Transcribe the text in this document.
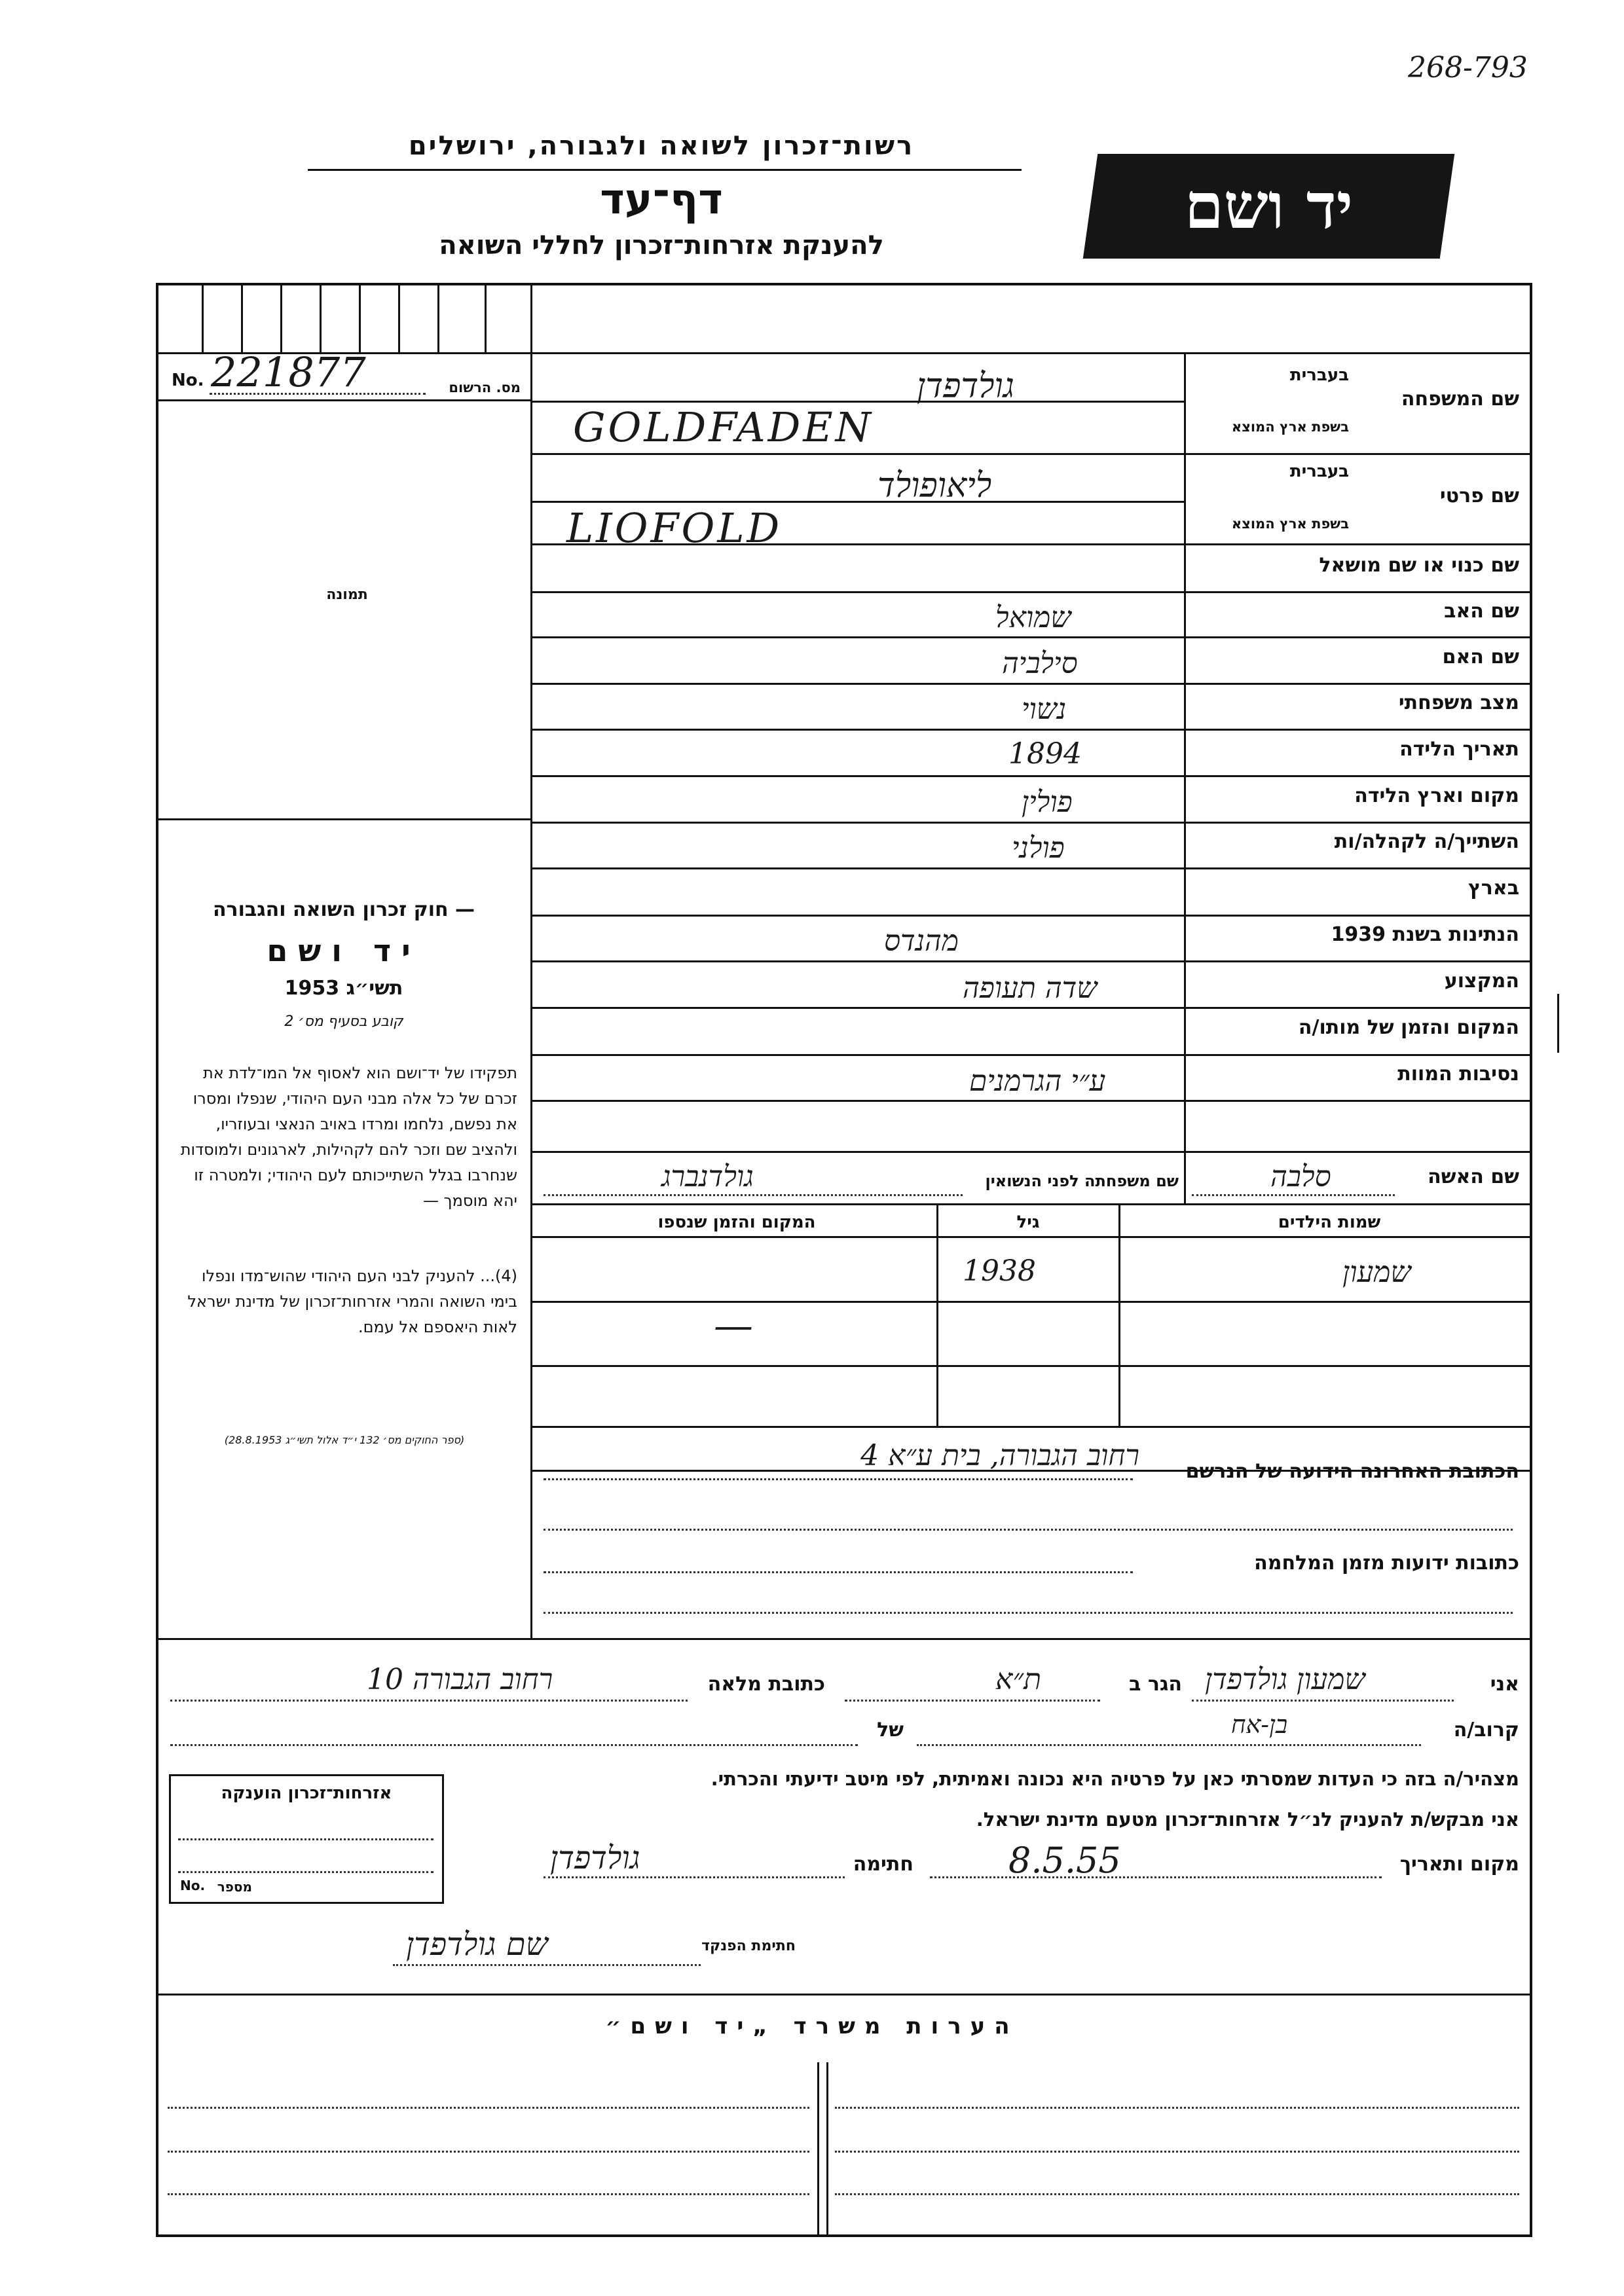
268-793
רשות־זכרון לשואה ולגבורה, ירושלים
דף־עד
להענקת אזרחות־זכרון לחללי השואה
יד ושם
No. 221877	מס. הרשום
תמונה
— חוק זכרון השואה והגבורה
יד ושם
תשי״ג 1953
קובע בסעיף מס׳ 2
תפקידו של יד־ושם הוא לאסוף אל המו־לדת את זכרם של כל אלה מבני העם היהודי, שנפלו ומסרו את נפשם, נלחמו ומרדו באויב הנאצי ובעוזריו, ולהציב שם וזכר להם לקהילות, לארגונים ולמוסדות שנחרבו בגלל השתייכותם לעם היהודי; ולמטרה זו יהא מוסמך —
(4)... להעניק לבני העם היהודי שהוש־מדו ונפלו בימי השואה והמרי אזרחות־זכרון של מדינת ישראל לאות היאספם אל עמם.
(ספר החוקים מס׳ 132 י״ד אלול תשי״ג 28.8.1953)
בעברית
בשפת ארץ המוצא
שם המשפחה
בעברית
בשפת ארץ המוצא
שם פרטי
שם כנוי או שם מושאל
שם האב
שם האם
מצב משפחתי
תאריך הלידה
מקום וארץ הלידה
השתייך/ה לקהלה/ות
בארץ
הנתינות בשנת 1939
המקצוע
המקום והזמן של מותו/ה
נסיבות המוות
גולדפדן
GOLDFADEN
ליאופולד
LIOFOLD
שמואל
סילביה
נשוי
1894
פולין
פולני
מהנדס
שדה תעופה
ע״י הגרמנים
שם האשה
סלבה
שם משפחתה לפני הנשואין
גולדנברג
שמות הילדים
גיל
המקום והזמן שנספו
שמעון
1938
—
הכתובת האחרונה הידועה של הנרשם
רחוב הגבורה, בית ע״א 4
כתובות ידועות מזמן המלחמה
אני
שמעון גולדפדן
הגר ב
ת״א
כתובת מלאה
רחוב הגבורה 10
קרוב/ה
בן-אח
של
אזרחות־זכרון הוענקה
No. מספר
מצהיר/ה בזה כי העדות שמסרתי כאן על פרטיה היא נכונה ואמיתית, לפי מיטב ידיעתי והכרתי.
אני מבקש/ת להעניק לנ״ל אזרחות־זכרון מטעם מדינת ישראל.
מקום ותאריך
8.5.55
חתימה
גולדפדן
חתימת הפנקד
שם גולדפדן
הערות משרד „יד ושם״
